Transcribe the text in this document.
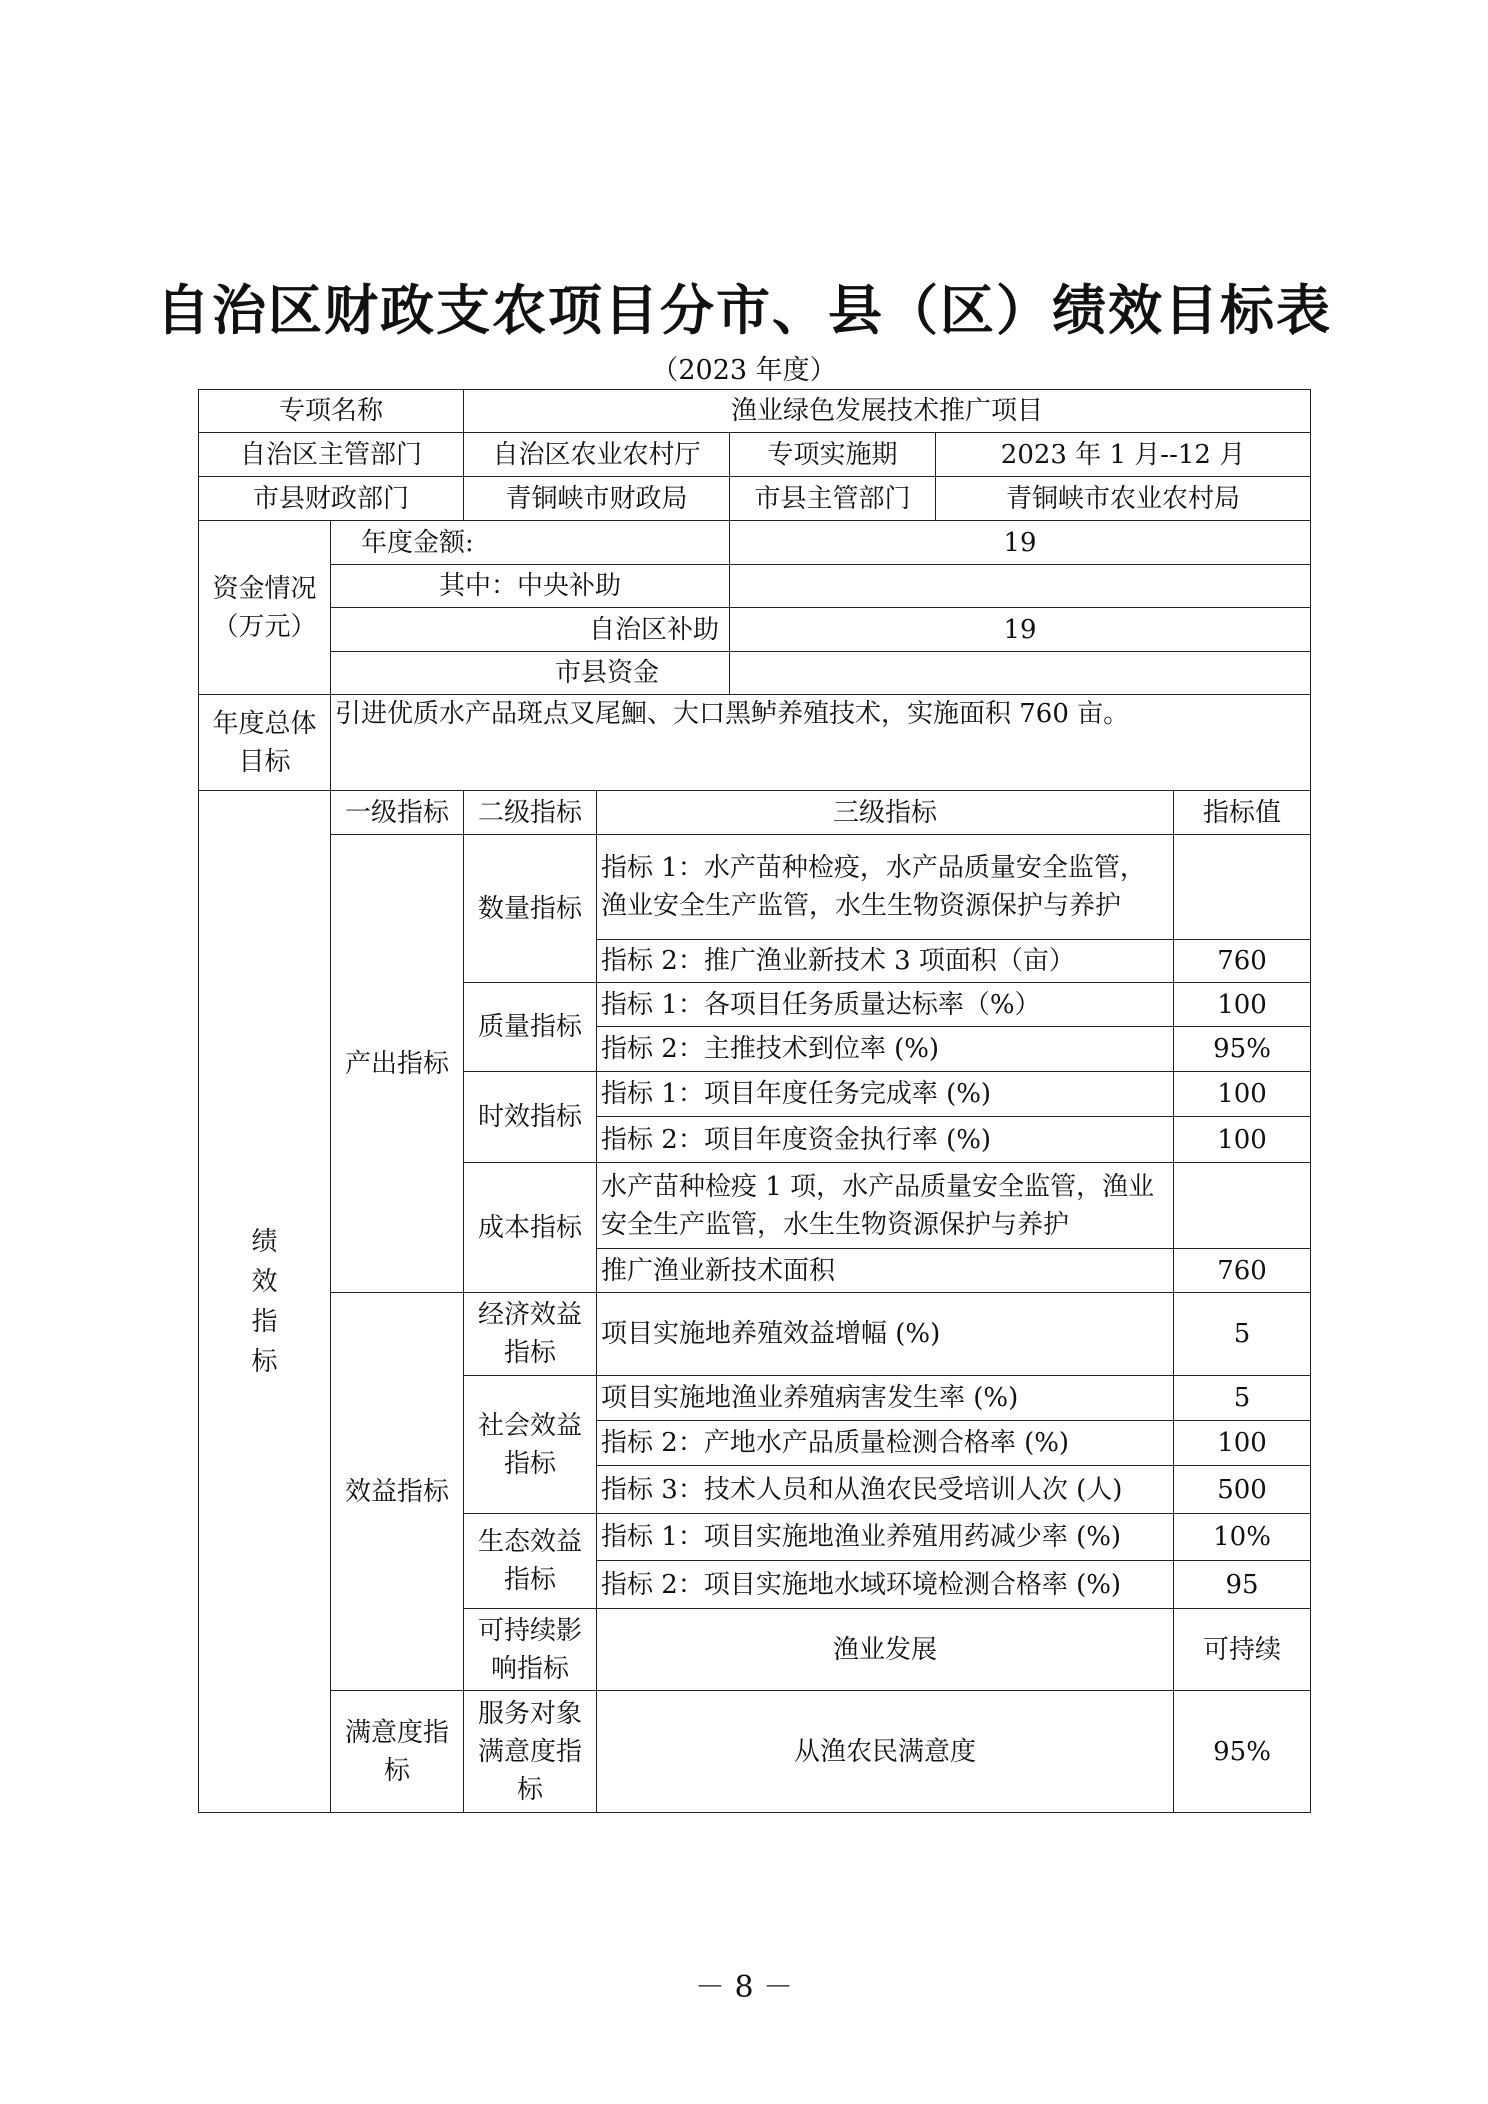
自治区财政支农项目分市、县（区）绩效目标表
（2023 年度）
专项名称		渔业绿色发展技术推广项目				
自治区主管部门		自治区农业农村厅		专项实施期	2023 年 1 月--12 月	
市县财政部门		青铜峡市财政局		市县主管部门	青铜峡市农业农村局	
资金情况（万元）	年度金额:			19		
	其中：中央补助					
	自治区补助			19		
	市县资金					
年度总体目标	引进优质水产品斑点叉尾鮰、大口黑鲈养殖技术，实施面积 760 亩。					
绩效指标	一级指标	二级指标	三级指标			指标值
	产出指标	数量指标	指标 1：水产苗种检疫，水产品质量安全监管，渔业安全生产监管，水生生物资源保护与养护			
			指标 2：推广渔业新技术 3 项面积（亩）			760
		质量指标	指标 1：各项目任务质量达标率（%）			100
			指标 2：主推技术到位率 (%)			95%
		时效指标	指标 1：项目年度任务完成率 (%)			100
			指标 2：项目年度资金执行率 (%)			100
		成本指标	水产苗种检疫 1 项，水产品质量安全监管，渔业安全生产监管，水生生物资源保护与养护			
			推广渔业新技术面积			760
	效益指标	经济效益指标	项目实施地养殖效益增幅 (%)			5
		社会效益指标	项目实施地渔业养殖病害发生率 (%)			5
			指标 2：产地水产品质量检测合格率 (%)			100
			指标 3：技术人员和从渔农民受培训人次 (人)			500
		生态效益指标	指标 1：项目实施地渔业养殖用药减少率 (%)			10%
			指标 2：项目实施地水域环境检测合格率 (%)			95
		可持续影响指标	渔业发展			可持续
	满意度指标	服务对象满意度指标	从渔农民满意度			95%
－ 8 －
